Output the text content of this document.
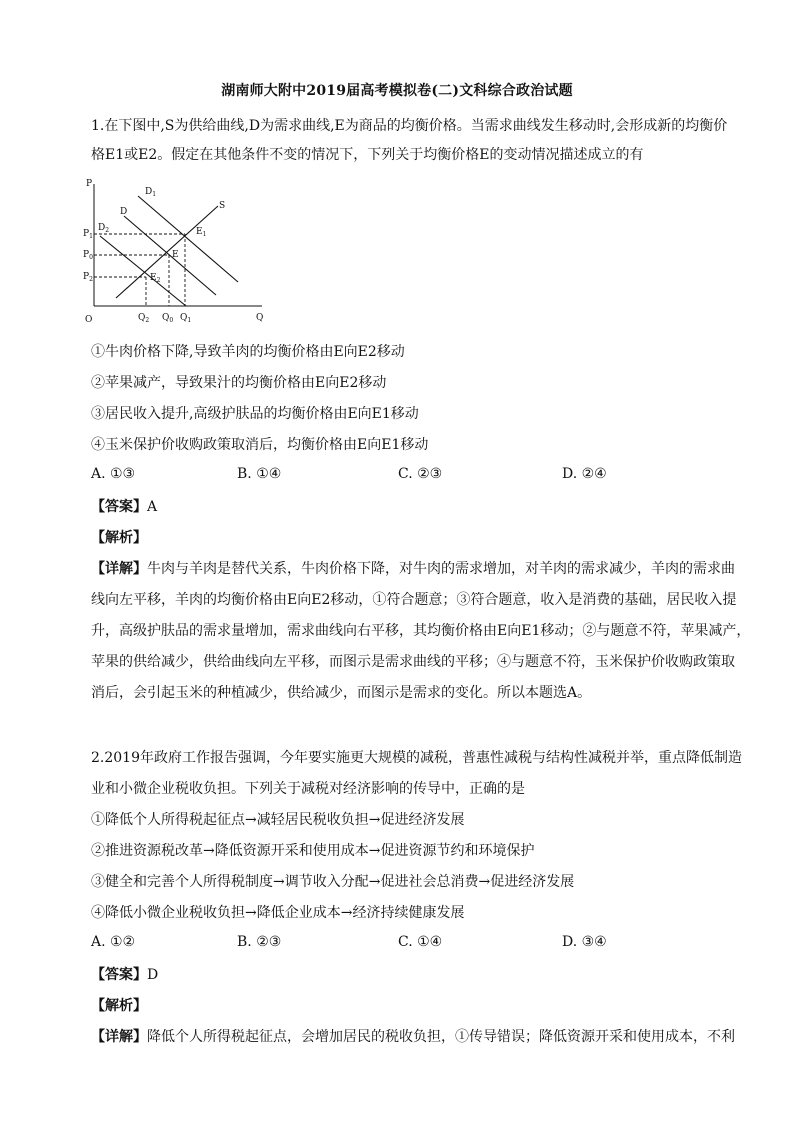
湖南师大附中2019届高考模拟卷(二)文科综合政治试题
1.在下图中,S为供给曲线,D为需求曲线,E为商品的均衡价格。当需求曲线发生移动时,会形成新的均衡价
格E1或E2。假定在其他条件不变的情况下，下列关于均衡价格E的变动情况描述成立的有
P
Q
O
$P_1$
$P_0$
$P_2$
$Q_2$ $Q_0$ $Q_1$
$D_1$
D
$D_2$
S
$E_1$
E
$E_2$
①牛肉价格下降,导致羊肉的均衡价格由E向E2移动
②苹果减产，导致果汁的均衡价格由E向E2移动
③居民收入提升,高级护肤品的均衡价格由E向E1移动
④玉米保护价收购政策取消后，均衡价格由E向E1移动
A. ①③	B. ①④	C. ②③	D. ②④
【答案】A
【解析】
【详解】牛肉与羊肉是替代关系，牛肉价格下降，对牛肉的需求增加，对羊肉的需求减少，羊肉的需求曲
线向左平移，羊肉的均衡价格由E向E2移动，①符合题意；③符合题意，收入是消费的基础，居民收入提
升，高级护肤品的需求量增加，需求曲线向右平移，其均衡价格由E向E1移动；②与题意不符，苹果减产，
苹果的供给减少，供给曲线向左平移，而图示是需求曲线的平移；④与题意不符，玉米保护价收购政策取
消后，会引起玉米的种植减少，供给减少，而图示是需求的变化。所以本题选A。
2.2019年政府工作报告强调，今年要实施更大规模的减税，普惠性减税与结构性减税并举，重点降低制造
业和小微企业税收负担。下列关于减税对经济影响的传导中，正确的是
①降低个人所得税起征点→减轻居民税收负担→促进经济发展
②推进资源税改革→降低资源开采和使用成本→促进资源节约和环境保护
③健全和完善个人所得税制度→调节收入分配→促进社会总消费→促进经济发展
④降低小微企业税收负担→降低企业成本→经济持续健康发展
A. ①②	B. ②③	C. ①④	D. ③④
【答案】D
【解析】
【详解】降低个人所得税起征点，会增加居民的税收负担，①传导错误；降低资源开采和使用成本，不利
